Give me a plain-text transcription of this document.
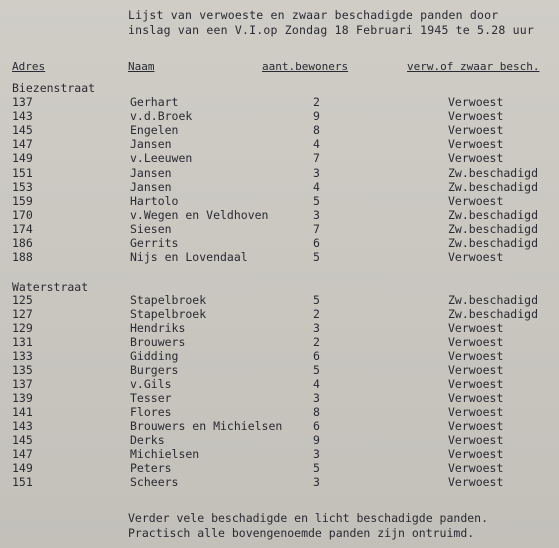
Lijst van verwoeste en zwaar beschadigde panden door
inslag van een V.I.op Zondag 18 Februari 1945 te 5.28 uur
Adres	Naam	aant.bewoners	verw.of zwaar besch.
Biezenstraat
137	Gerhart	2	Verwoest
143	v.d.Broek	9	Verwoest
145	Engelen	8	Verwoest
147	Jansen	4	Verwoest
149	v.Leeuwen	7	Verwoest
151	Jansen	3	Zw.beschadigd
153	Jansen	4	Zw.beschadigd
159	Hartolo	5	Verwoest
170	v.Wegen en Veldhoven	3	Zw.beschadigd
174	Siesen	7	Zw.beschadigd
186	Gerrits	6	Zw.beschadigd
188	Nijs en Lovendaal	5	Verwoest
Waterstraat
125	Stapelbroek	5	Zw.beschadigd
127	Stapelbroek	2	Zw.beschadigd
129	Hendriks	3	Verwoest
131	Brouwers	2	Verwoest
133	Gidding	6	Verwoest
135	Burgers	5	Verwoest
137	v.Gils	4	Verwoest
139	Tesser	3	Verwoest
141	Flores	8	Verwoest
143	Brouwers en Michielsen	6	Verwoest
145	Derks	9	Verwoest
147	Michielsen	3	Verwoest
149	Peters	5	Verwoest
151	Scheers	3	Verwoest
Verder vele beschadigde en licht beschadigde panden.
Practisch alle bovengenoemde panden zijn ontruimd.
